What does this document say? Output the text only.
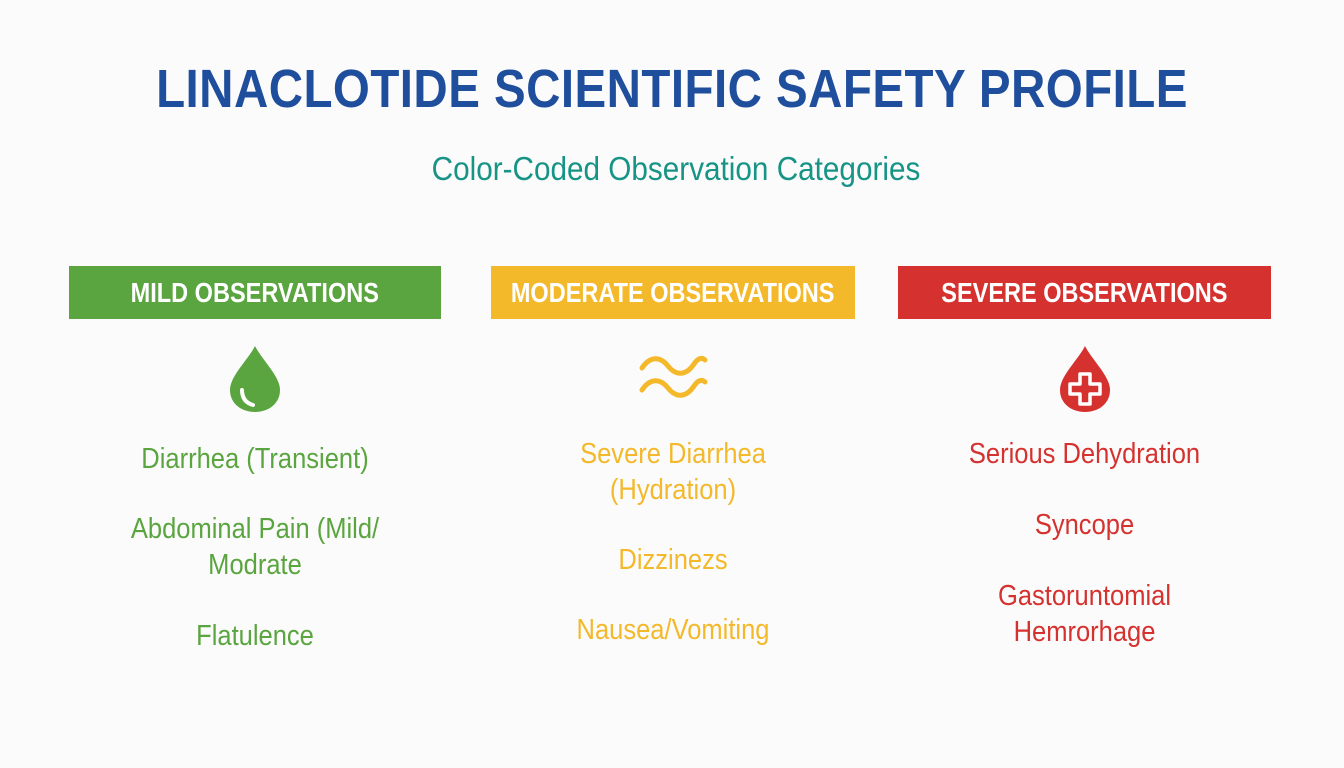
LINACLOTIDE SCIENTIFIC SAFETY PROFILE
Color-Coded Observation Categories
MILD OBSERVATIONS
Diarrhea (Transient)
Abdominal Pain (Mild/
Modrate
Flatulence
MODERATE OBSERVATIONS
Severe Diarrhea
(Hydration)
Dizzinezs
Nausea/Vomiting
SEVERE OBSERVATIONS
Serious Dehydration
Syncope
Gastoruntomial
Hemrorhage
